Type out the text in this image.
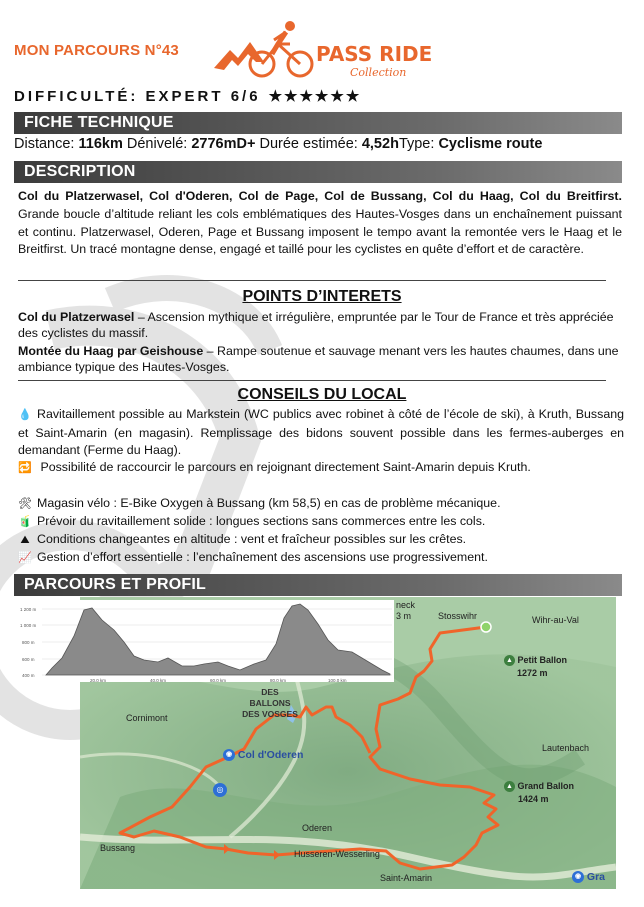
MON PARCOURS N°43	PASS RIDE
Collection
DIFFICULTÉ: EXPERT 6/6 ★★★★★★
FICHE TECHNIQUE
Distance: 116km Dénivelé: 2776mD+ Durée estimée: 4,52hType: Cyclisme route
DESCRIPTION
Col du Platzerwasel, Col d'Oderen, Col de Page, Col de Bussang, Col du Haag, Col du Breitfirst. Grande boucle d’altitude reliant les cols emblématiques des Hautes-Vosges dans un enchaînement puissant et continu. Platzerwasel, Oderen, Page et Bussang imposent le tempo avant la remontée vers le Haag et le Breitfirst. Un tracé montagne dense, engagé et taillé pour les cyclistes en quête d’effort et de caractère.
POINTS D’INTERETS
Col du Platzerwasel – Ascension mythique et irrégulière, empruntée par le Tour de France et très appréciée des cyclistes du massif.
Montée du Haag par Geishouse – Rampe soutenue et sauvage menant vers les hautes chaumes, dans une ambiance typique des Hautes-Vosges.
CONSEILS DU LOCAL
💧 Ravitaillement possible au Markstein (WC publics avec robinet à côté de l’école de ski), à Kruth, Bussang et Saint-Amarin (en magasin). Remplissage des bidons souvent possible dans les fermes-auberges en demandant (Ferme du Haag).
🔁 Possibilité de raccourcir le parcours en rejoignant directement Saint-Amarin depuis Kruth.
🛠 Magasin vélo : E-Bike Oxygen à Bussang (km 58,5) en cas de problème mécanique.
🧃 Prévoir du ravitaillement solide : longues sections sans commerces entre les cols.
⛰ Conditions changeantes en altitude : vent et fraîcheur possibles sur les crêtes.
📈 Gestion d’effort essentielle : l’enchaînement des ascensions use progressivement.
PARCOURS ET PROFIL
neck
3 m	Stosswihr	Wihr-au-Val
▲ Petit Ballon
1272 m
DES BALLONS DES VOSGES
Cornimont
◉ Col d'Oderen
◎
Lautenbach
▲ Grand Ballon
1424 m
Oderen
Bussang
Husseren-Wesserling
Saint-Amarin	◉ Gra
1 200 m
1 000 m
800 m
600 m
400 m
20.0 km	40.0 km	60.0 km	80.0 km	100.0 km
